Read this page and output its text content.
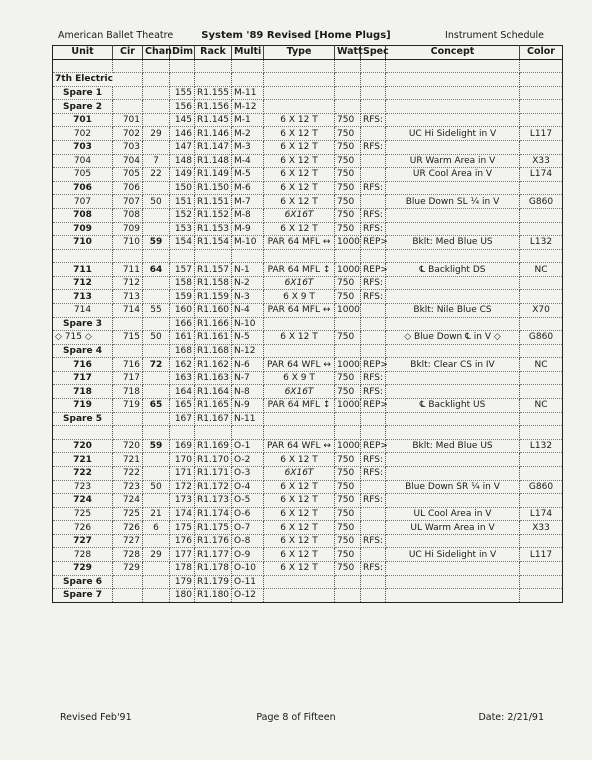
American Ballet Theatre	System '89 Revised [Home Plugs]	Instrument Schedule
Unit	Cir	Chan	Dim	Rack	Multi	Type	Watt	Spec	Concept	Color

7th Electric										
Spare 1			155	R1.155	M-11					
Spare 2			156	R1.156	M-12					
701	701		145	R1.145	M-1	6 X 12 T	750	RFS:		
702	702	29	146	R1.146	M-2	6 X 12 T	750		UC Hi Sidelight in V	L117
703	703		147	R1.147	M-3	6 X 12 T	750	RFS:		
704	704	7	148	R1.148	M-4	6 X 12 T	750		UR Warm Area in V	X33
705	705	22	149	R1.149	M-5	6 X 12 T	750		UR Cool Area in V	L174
706	706		150	R1.150	M-6	6 X 12 T	750	RFS:		
707	707	50	151	R1.151	M-7	6 X 12 T	750		Blue Down SL ¼ in V	G860
708	708		152	R1.152	M-8	6X16T	750	RFS:		
709	709		153	R1.153	M-9	6 X 12 T	750	RFS:		
710	710	59	154	R1.154	M-10	PAR 64 MFL ↔	1000	REP>	Bklt: Med Blue US	L132

711	711	64	157	R1.157	N-1	PAR 64 MFL ↕	1000	REP>	℄ Backlight DS	NC
712	712		158	R1.158	N-2	6X16T	750	RFS:		
713	713		159	R1.159	N-3	6 X 9 T	750	RFS:		
714	714	55	160	R1.160	N-4	PAR 64 MFL ↔	1000		Bklt: Nile Blue CS	X70
Spare 3			166	R1.166	N-10					
◇ 715 ◇	715	50	161	R1.161	N-5	6 X 12 T	750		◇ Blue Down ℄ in V ◇	G860
Spare 4			168	R1.168	N-12					
716	716	72	162	R1.162	N-6	PAR 64 WFL ↔	1000	REP>	Bklt: Clear CS in IV	NC
717	717		163	R1.163	N-7	6 X 9 T	750	RFS:		
718	718		164	R1.164	N-8	6X16T	750	RFS:		
719	719	65	165	R1.165	N-9	PAR 64 MFL ↕	1000	REP>	℄ Backlight US	NC
Spare 5			167	R1.167	N-11					

720	720	59	169	R1.169	O-1	PAR 64 WFL ↔	1000	REP>	Bklt: Med Blue US	L132
721	721		170	R1.170	O-2	6 X 12 T	750	RFS:		
722	722		171	R1.171	O-3	6X16T	750	RFS:		
723	723	50	172	R1.172	O-4	6 X 12 T	750		Blue Down SR ¼ in V	G860
724	724		173	R1.173	O-5	6 X 12 T	750	RFS:		
725	725	21	174	R1.174	O-6	6 X 12 T	750		UL Cool Area in V	L174
726	726	6	175	R1.175	O-7	6 X 12 T	750		UL Warm Area in V	X33
727	727		176	R1.176	O-8	6 X 12 T	750	RFS:		
728	728	29	177	R1.177	O-9	6 X 12 T	750		UC Hi Sidelight in V	L117
729	729		178	R1.178	O-10	6 X 12 T	750	RFS:		
Spare 6			179	R1.179	O-11					
Spare 7			180	R1.180	O-12					
Revised Feb'91	Page 8 of Fifteen	Date: 2/21/91
